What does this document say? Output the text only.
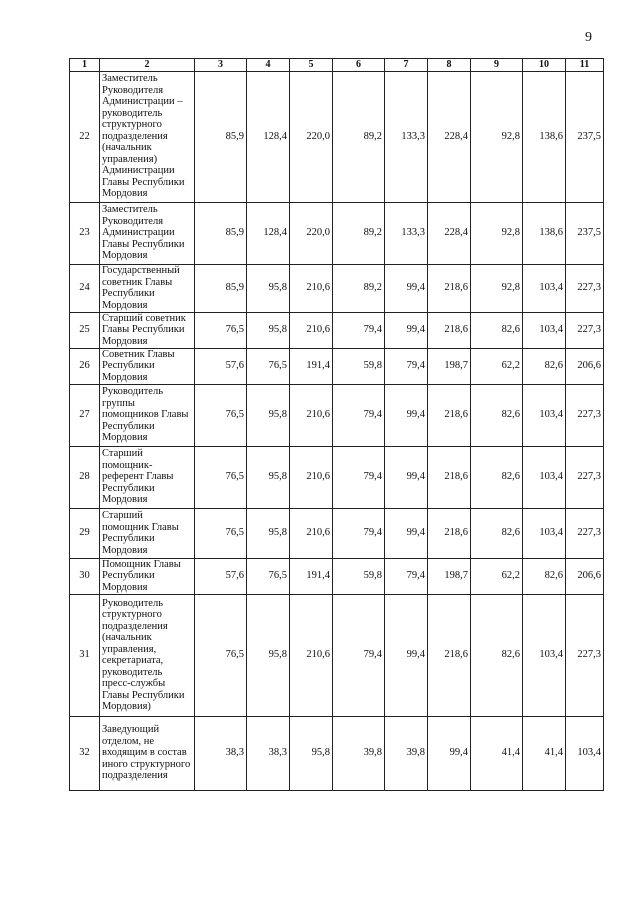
9
1	2	3	4	5	6	7	8	9	10	11
22	Заместитель Руководителя Администрации – руководитель структурного подразделения (начальник управления) Администрации Главы Республики Мордовия	85,9	128,4	220,0	89,2	133,3	228,4	92,8	138,6	237,5
23	Заместитель Руководителя Администрации Главы Республики Мордовия	85,9	128,4	220,0	89,2	133,3	228,4	92,8	138,6	237,5
24	Государственный советник Главы Республики Мордовия	85,9	95,8	210,6	89,2	99,4	218,6	92,8	103,4	227,3
25	Старший советник Главы Республики Мордовия	76,5	95,8	210,6	79,4	99,4	218,6	82,6	103,4	227,3
26	Советник Главы Республики Мордовия	57,6	76,5	191,4	59,8	79,4	198,7	62,2	82,6	206,6
27	Руководитель группы помощников Главы Республики Мордовия	76,5	95,8	210,6	79,4	99,4	218,6	82,6	103,4	227,3
28	Старший помощник-референт Главы Республики Мордовия	76,5	95,8	210,6	79,4	99,4	218,6	82,6	103,4	227,3
29	Старший помощник Главы Республики Мордовия	76,5	95,8	210,6	79,4	99,4	218,6	82,6	103,4	227,3
30	Помощник Главы Республики Мордовия	57,6	76,5	191,4	59,8	79,4	198,7	62,2	82,6	206,6
31	Руководитель структурного подразделения (начальник управления, секретариата, руководитель пресс-службы Главы Республики Мордовия)	76,5	95,8	210,6	79,4	99,4	218,6	82,6	103,4	227,3
32	Заведующий отделом, не входящим в состав иного структурного подразделения	38,3	38,3	95,8	39,8	39,8	99,4	41,4	41,4	103,4
